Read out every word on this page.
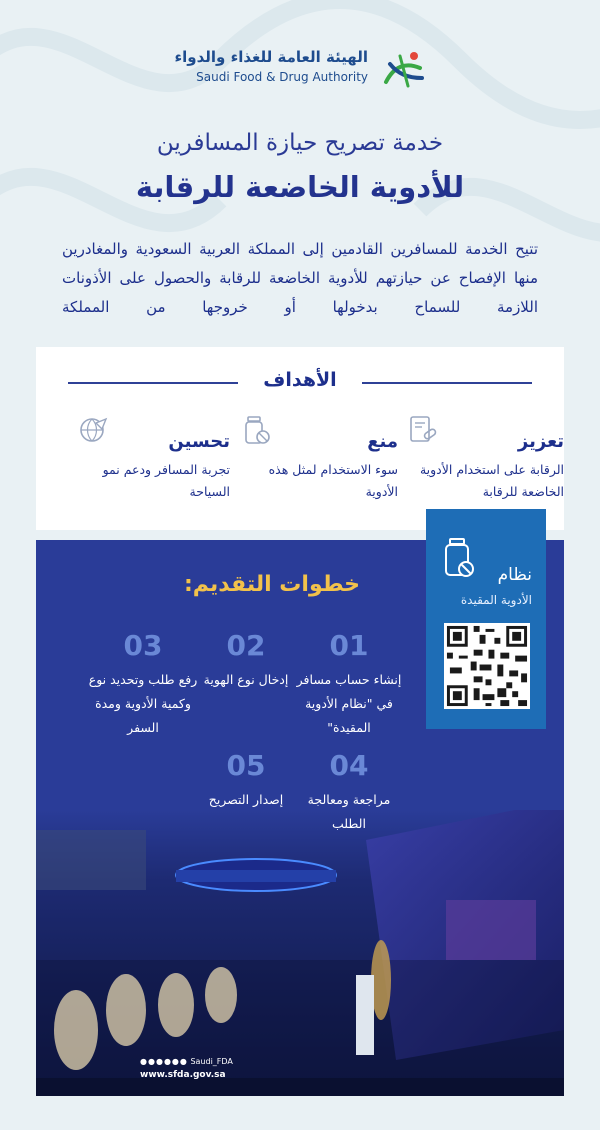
الهيئة العامة للغذاء والدواء
Saudi Food & Drug Authority
خدمة تصريح حيازة المسافرين
للأدوية الخاضعة للرقابة

تتيح الخدمة للمسافرين القادمين إلى المملكة العربية السعودية والمغادرين منها الإفصاح عن حيازتهم للأدوية الخاضعة للرقابة والحصول على الأذونات اللازمة للسماح بدخولها أو خروجها من المملكة

الأهداف
تعزيز
الرقابة على استخدام الأدوية الخاضعة للرقابة
منع
سوء الاستخدام لمثل هذه الأدوية
تحسين
تجربة المسافر ودعم نمو السياحة
خطوات التقديم:
01
إنشاء حساب مسافر في "نظام الأدوية المقيدة"
02
إدخال نوع الهوية
03
رفع طلب وتحديد نوع وكمية الأدوية ومدة السفر
04
مراجعة ومعالجة الطلب
05
إصدار التصريح
نظام
الأدوية المقيدة
●●●●●● Saudi_FDA
www.sfda.gov.sa
